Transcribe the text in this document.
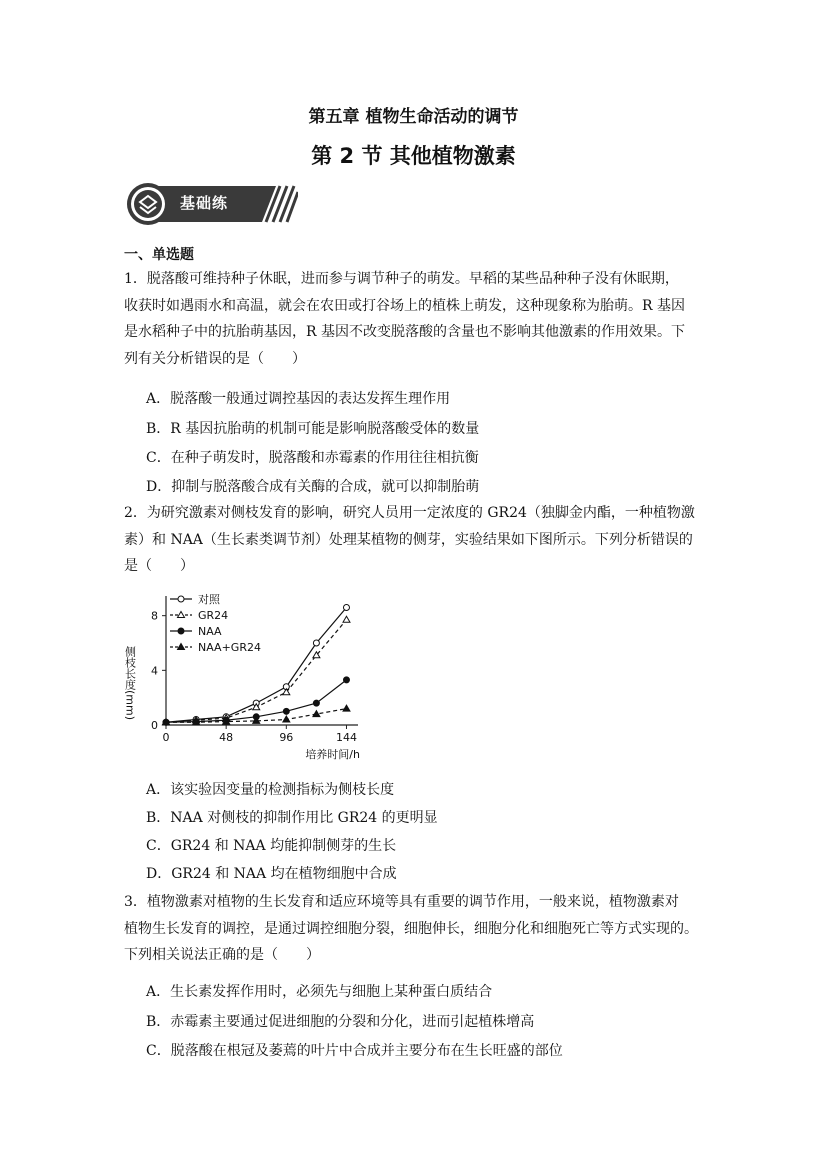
第五章 植物生命活动的调节
第 2 节 其他植物激素
基础练
一、单选题
1．脱落酸可维持种子休眠，进而参与调节种子的萌发。早稻的某些品种种子没有休眠期，
收获时如遇雨水和高温，就会在农田或打谷场上的植株上萌发，这种现象称为胎萌。R 基因
是水稻种子中的抗胎萌基因，R 基因不改变脱落酸的含量也不影响其他激素的作用效果。下
列有关分析错误的是（　　）
A．脱落酸一般通过调控基因的表达发挥生理作用
B．R 基因抗胎萌的机制可能是影响脱落酸受体的数量
C．在种子萌发时，脱落酸和赤霉素的作用往往相抗衡
D．抑制与脱落酸合成有关酶的合成，就可以抑制胎萌
2．为研究激素对侧枝发育的影响，研究人员用一定浓度的 GR24（独脚金内酯，一种植物激
素）和 NAA（生长素类调节剂）处理某植物的侧芽，实验结果如下图所示。下列分析错误的
是（　　）
0	48	96	144
0
4
8
培养时间/h
侧枝长度(mm)
对照
GR24
NAA
NAA+GR24
A．该实验因变量的检测指标为侧枝长度
B．NAA 对侧枝的抑制作用比 GR24 的更明显
C．GR24 和 NAA 均能抑制侧芽的生长
D．GR24 和 NAA 均在植物细胞中合成
3．植物激素对植物的生长发育和适应环境等具有重要的调节作用，一般来说，植物激素对
植物生长发育的调控，是通过调控细胞分裂，细胞伸长，细胞分化和细胞死亡等方式实现的。
下列相关说法正确的是（　　）
A．生长素发挥作用时，必须先与细胞上某种蛋白质结合
B．赤霉素主要通过促进细胞的分裂和分化，进而引起植株增高
C．脱落酸在根冠及萎蔫的叶片中合成并主要分布在生长旺盛的部位
